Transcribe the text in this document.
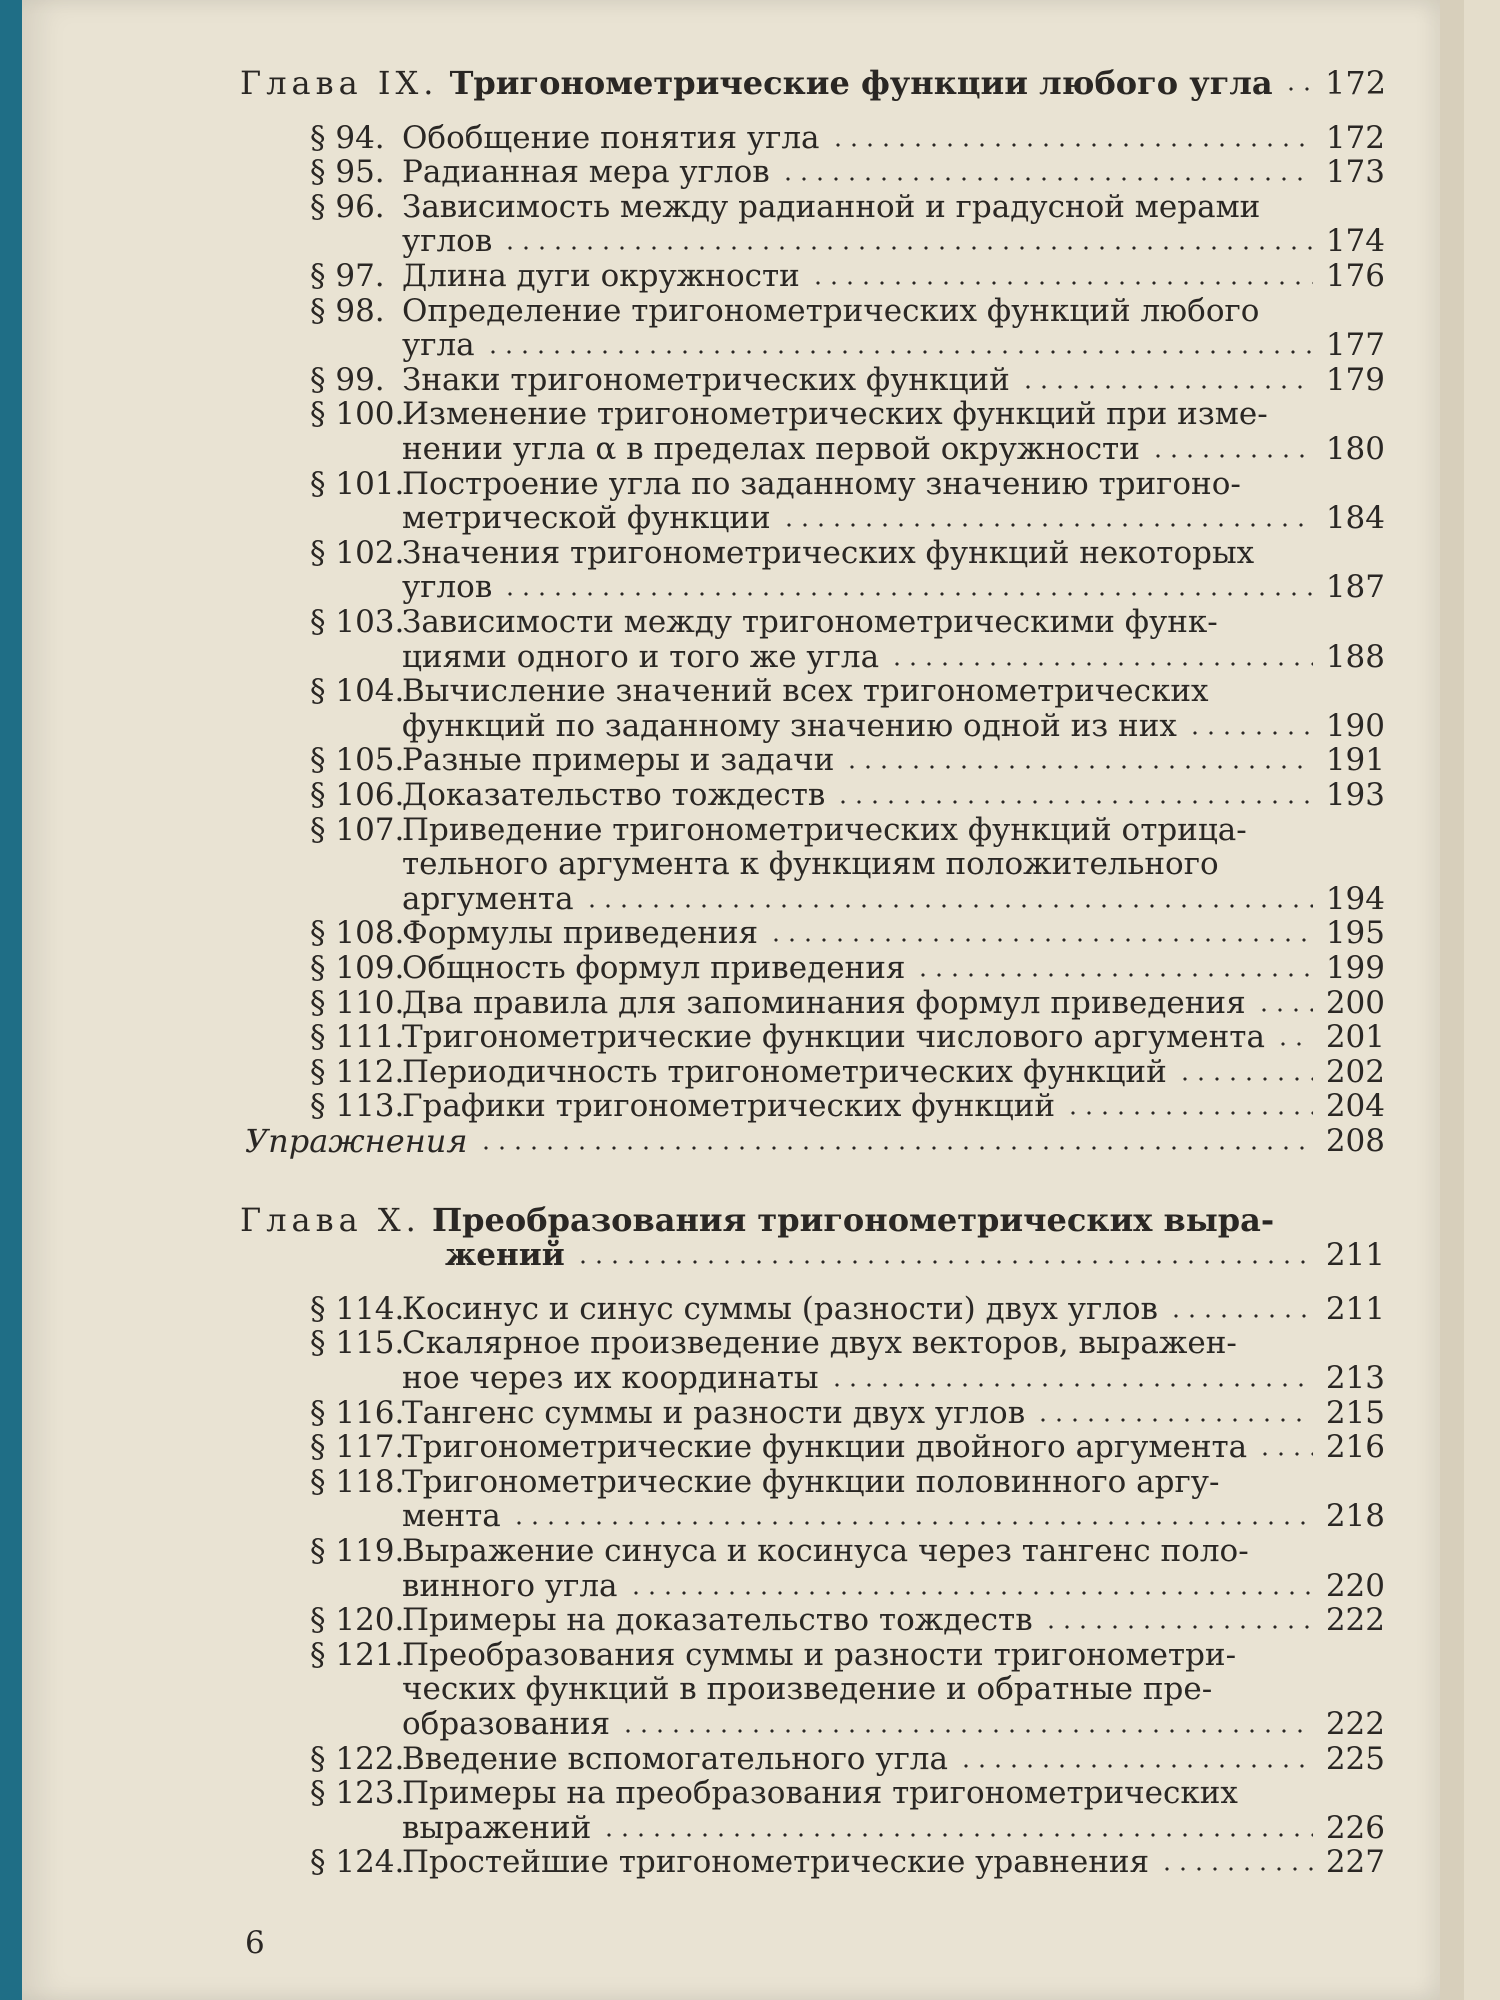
Глава IX. Тригонометрические функции любого угла 172
§ 94. Обобщение понятия угла	172
§ 95. Радианная мера углов	173
§ 96. Зависимость между радианной и градусной мерами
углов	174
§ 97. Длина дуги окружности	176
§ 98. Определение тригонометрических функций любого
угла	177
§ 99. Знаки тригонометрических функций	179
§ 100.
Изменение тригонометрических функций при изме-
нении угла α в пределах первой окружности	180
§ 101.
Построение угла по заданному значению тригоно-
метрической функции	184
§ 102.
Значения тригонометрических функций некоторых
углов	187
§ 103.
Зависимости между тригонометрическими функ-
циями одного и того же угла	188
§ 104.
Вычисление значений всех тригонометрических
функций по заданному значению одной из них	190
§ 105.
Разные примеры и задачи	191
§ 106.
Доказательство тождеств	193
§ 107.
Приведение тригонометрических функций отрица-
тельного аргумента к функциям положительного
аргумента	194
§ 108.
Формулы приведения	195
§ 109.
Общность формул приведения	199
§ 110.
Два правила для запоминания формул приведения	200
§ 111.
Тригонометрические функции числового аргумента 201
§ 112.
Периодичность тригонометрических функций	202
§ 113.
Графики тригонометрических функций	204
Упражнения	208
Глава X. Преобразования тригонометрических выра-
жений	211
§ 114.
Косинус и синус суммы (разности) двух углов	211
§ 115.
Скалярное произведение двух векторов, выражен-
ное через их координаты	213
§ 116.
Тангенс суммы и разности двух углов	215
§ 117.
Тригонометрические функции двойного аргумента	216
§ 118.
Тригонометрические функции половинного аргу-
мента	218
§ 119.
Выражение синуса и косинуса через тангенс поло-
винного угла	220
§ 120.
Примеры на доказательство тождеств	222
§ 121.
Преобразования суммы и разности тригонометри-
ческих функций в произведение и обратные пре-
образования	222
§ 122.
Введение вспомогательного угла	225
§ 123.
Примеры на преобразования тригонометрических
выражений	226
§ 124.
Простейшие тригонометрические уравнения	227
6
